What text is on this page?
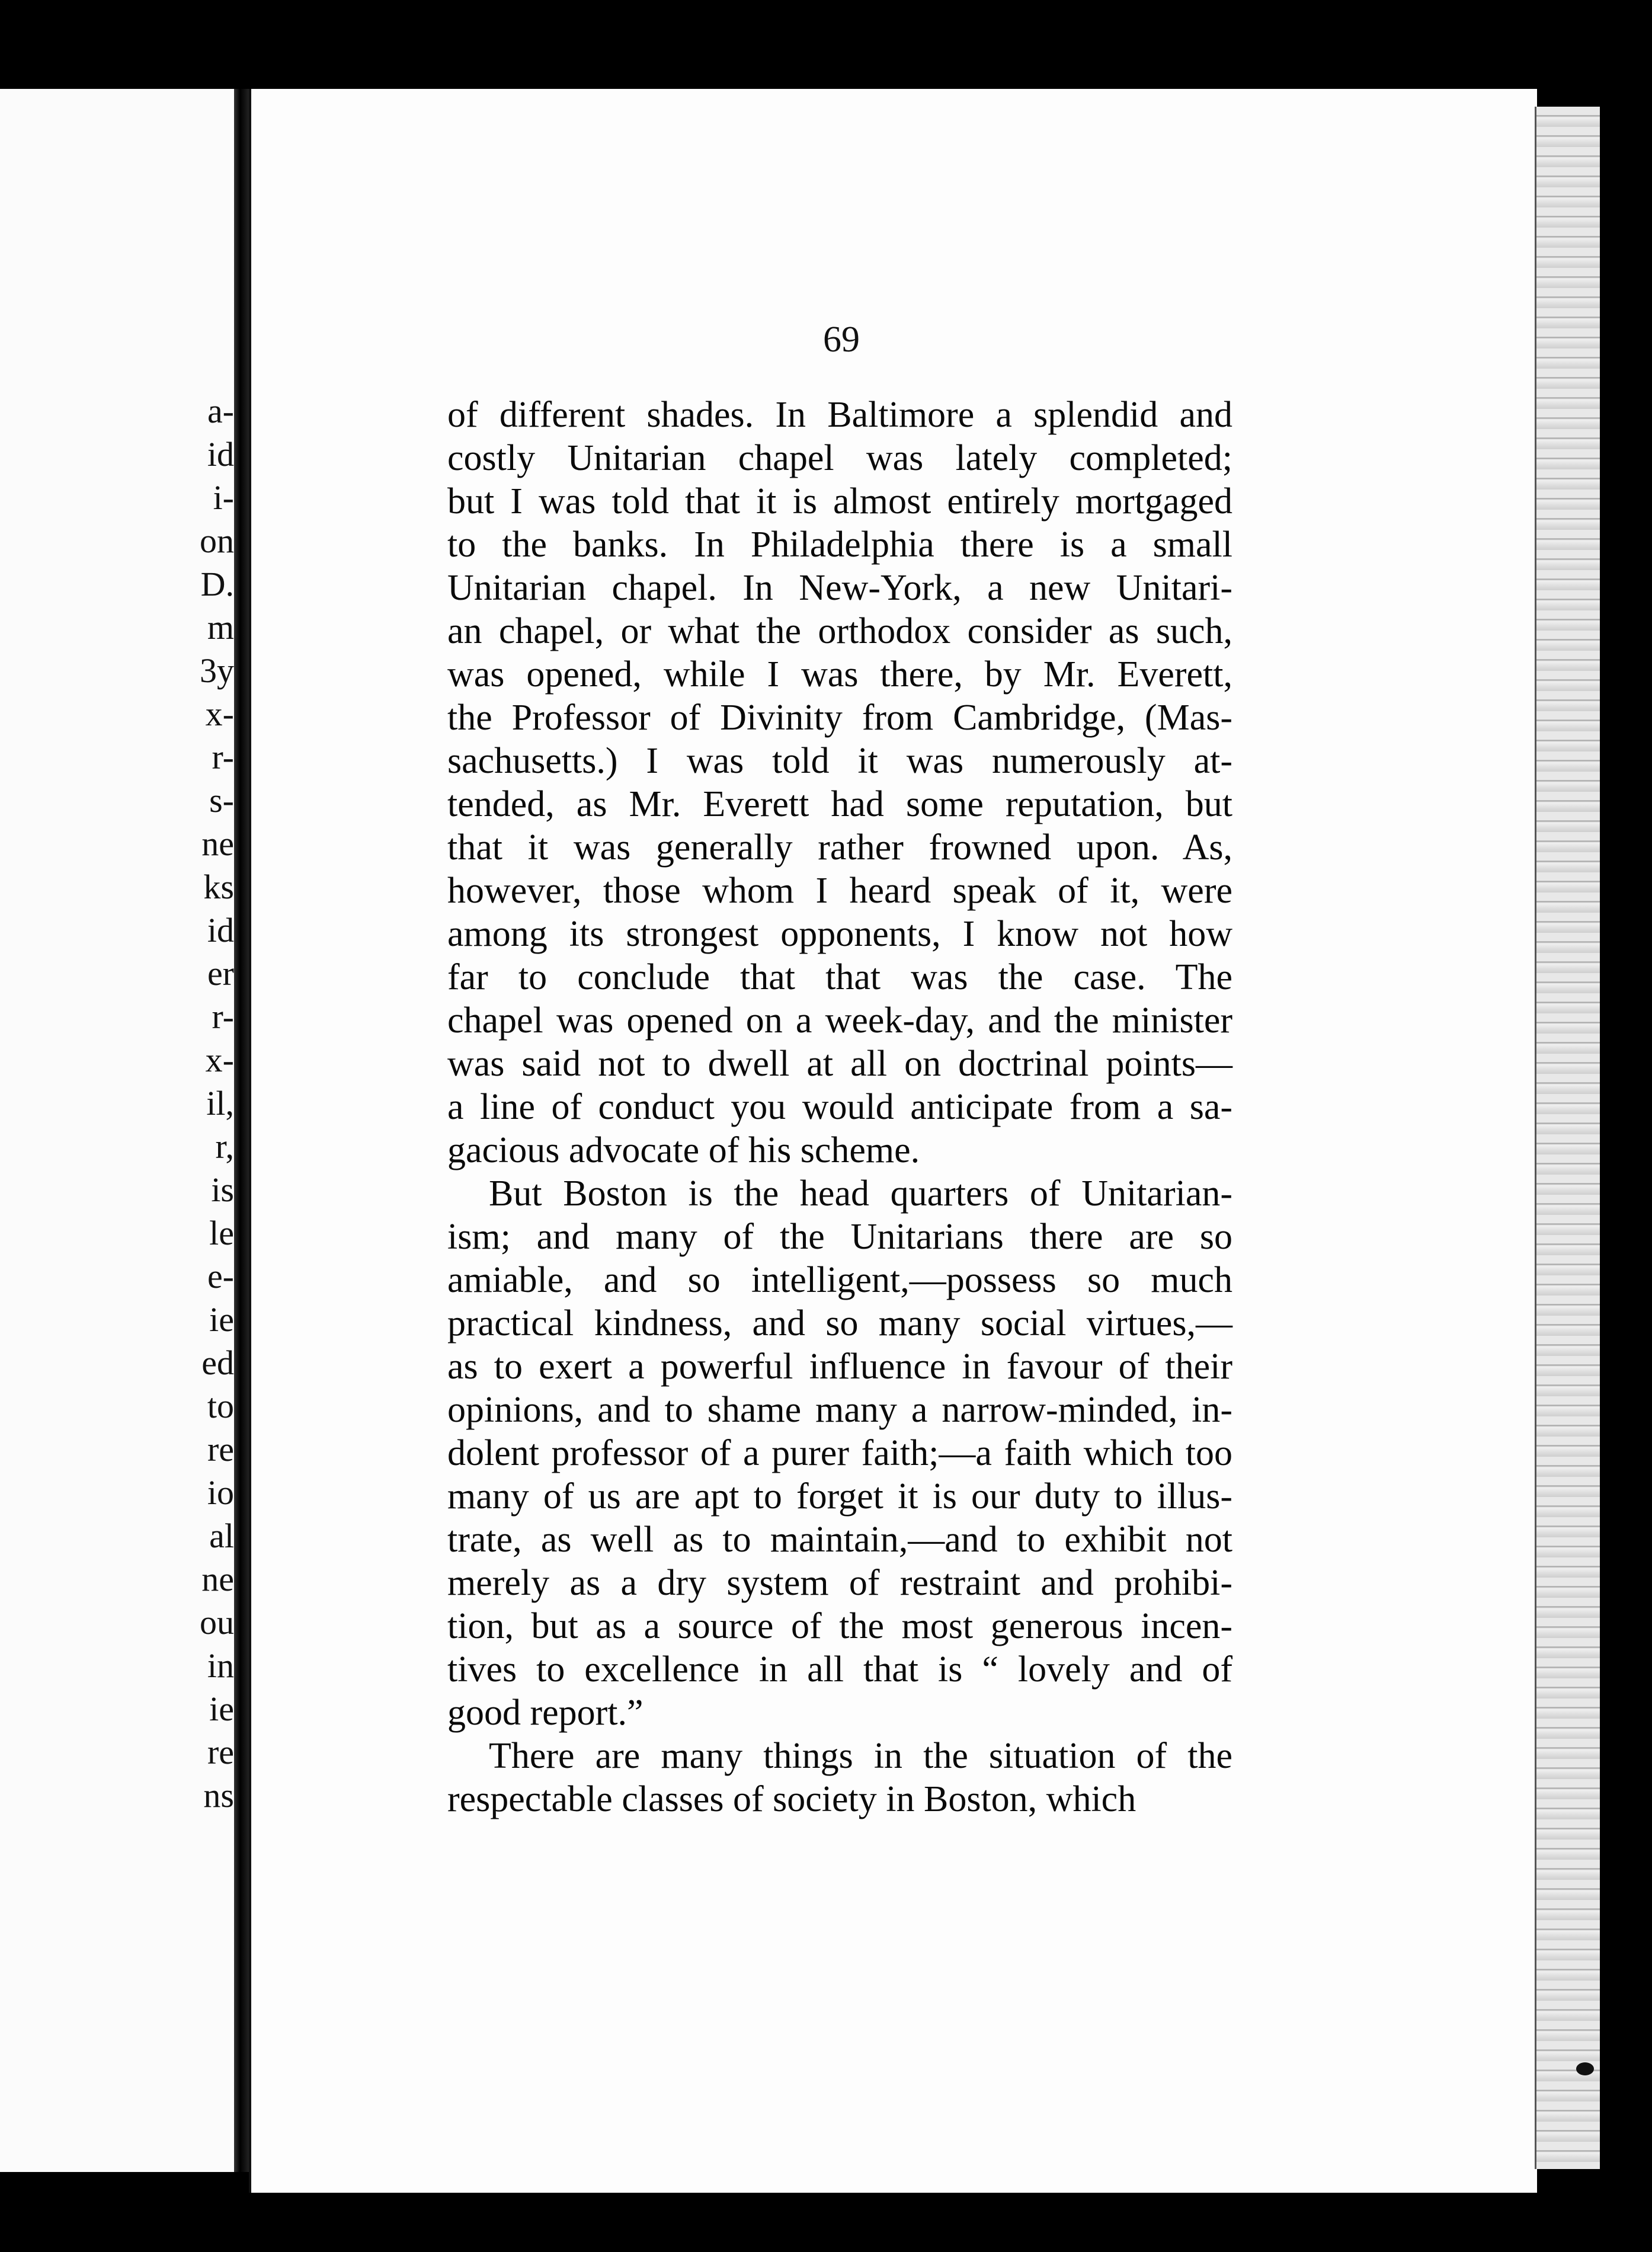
a-
id
i-
on
D.
m
3y
x-
r-
s-
ne
ks
id
er
r-
x-
il,
r,
is
le
e-
ie
ed
to
re
io
al
ne
ou
in
ie
re
ns
69
of different shades. In Baltimore a splendid and
costly Unitarian chapel was lately completed;
but I was told that it is almost entirely mortgaged
to the banks. In Philadelphia there is a small
Unitarian chapel. In New-York, a new Unitari-
an chapel, or what the orthodox consider as such,
was opened, while I was there, by Mr. Everett,
the Professor of Divinity from Cambridge, (Mas-
sachusetts.) I was told it was numerously at-
tended, as Mr. Everett had some reputation, but
that it was generally rather frowned upon. As,
however, those whom I heard speak of it, were
among its strongest opponents, I know not how
far to conclude that that was the case. The
chapel was opened on a week-day, and the minister
was said not to dwell at all on doctrinal points—
a line of conduct you would anticipate from a sa-
gacious advocate of his scheme.
But Boston is the head quarters of Unitarian-
ism; and many of the Unitarians there are so
amiable, and so intelligent,—possess so much
practical kindness, and so many social virtues,—
as to exert a powerful influence in favour of their
opinions, and to shame many a narrow-minded, in-
dolent professor of a purer faith;—a faith which too
many of us are apt to forget it is our duty to illus-
trate, as well as to maintain,—and to exhibit not
merely as a dry system of restraint and prohibi-
tion, but as a source of the most generous incen-
tives to excellence in all that is “ lovely and of
good report.”
There are many things in the situation of the
respectable classes of society in Boston, which
